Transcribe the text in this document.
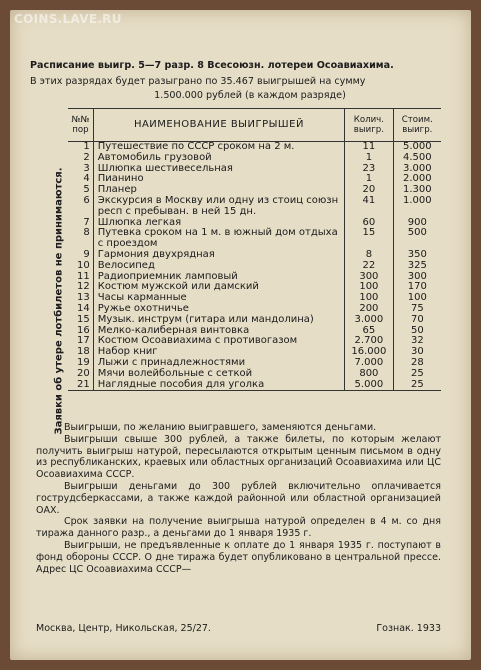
COINS.LAVE.RU
Расписание выигр. 5—7 разр. 8 Всесоюзн. лотереи Осоавиахима.
В этих разрядах будет разыграно по 35.467 выигрышей на сумму
1.500.000 рублей (в каждом разряде)
Заявки об утере лотбилетов не принимаются.
№№ пор	НАИМЕНОВАНИЕ ВЫИГРЫШЕЙ	Колич. выигр.	Стоим. выигр.
1	Путешествие по СССР сроком на 2 м.	11	5.000
2	Автомобиль грузовой	1	4.500
3	Шлюпка шестивесельная	23	3.000
4	Пианино	1	2.000
5	Планер	20	1.300
6	Экскурсия в Москву или одну из стоиц союзн респ с пребыван. в ней 15 дн.	41	1.000
7	Шлюпка легкая	60	900
8	Путевка сроком на 1 м. в южный дом отдыха с проездом	15	500
9	Гармония двухрядная	8	350
10	Велосипед	22	325
11	Радиоприемник ламповый	300	300
12	Костюм мужской или дамский	100	170
13	Часы карманные	100	100
14	Ружье охотничье	200	75
15	Музык. инструм (гитара или мандолина)	3.000	70
16	Мелко-калиберная винтовка	65	50
17	Костюм Осоавиахима с противогазом	2.700	32
18	Набор книг	16.000	30
19	Лыжи с принадлежностями	7.000	28
20	Мячи волейбольные с сеткой	800	25
21	Наглядные пособия для уголка	5.000	25

Выигрыши, по желанию выигравшего, заменяются деньгами.

Выигрыши свыше 300 рублей, а также билеты, по которым желают получить выигрыш натурой, пересылаются открытым ценным письмом в одну из республиканских, краевых или областных организаций Осоавиахима или ЦС Осоавиахима СССР.

Выигрыши деньгами до 300 рублей включительно оплачивается гострудсберкассами, а также каждой районной или областной организацией ОАХ.

Срок заявки на получение выигрыша натурой определен в 4 м. со дня тиража данного разр., а деньгами до 1 января 1935 г.

Выигрыши, не предъявленные к оплате до 1 января 1935 г. поступают в фонд обороны СССР. О дне тиража будет опубликовано в центральной прессе. Адрес ЦС Осоавиахима СССР—

Москва, Центр, Никольская, 25/27.	Гознак. 1933
